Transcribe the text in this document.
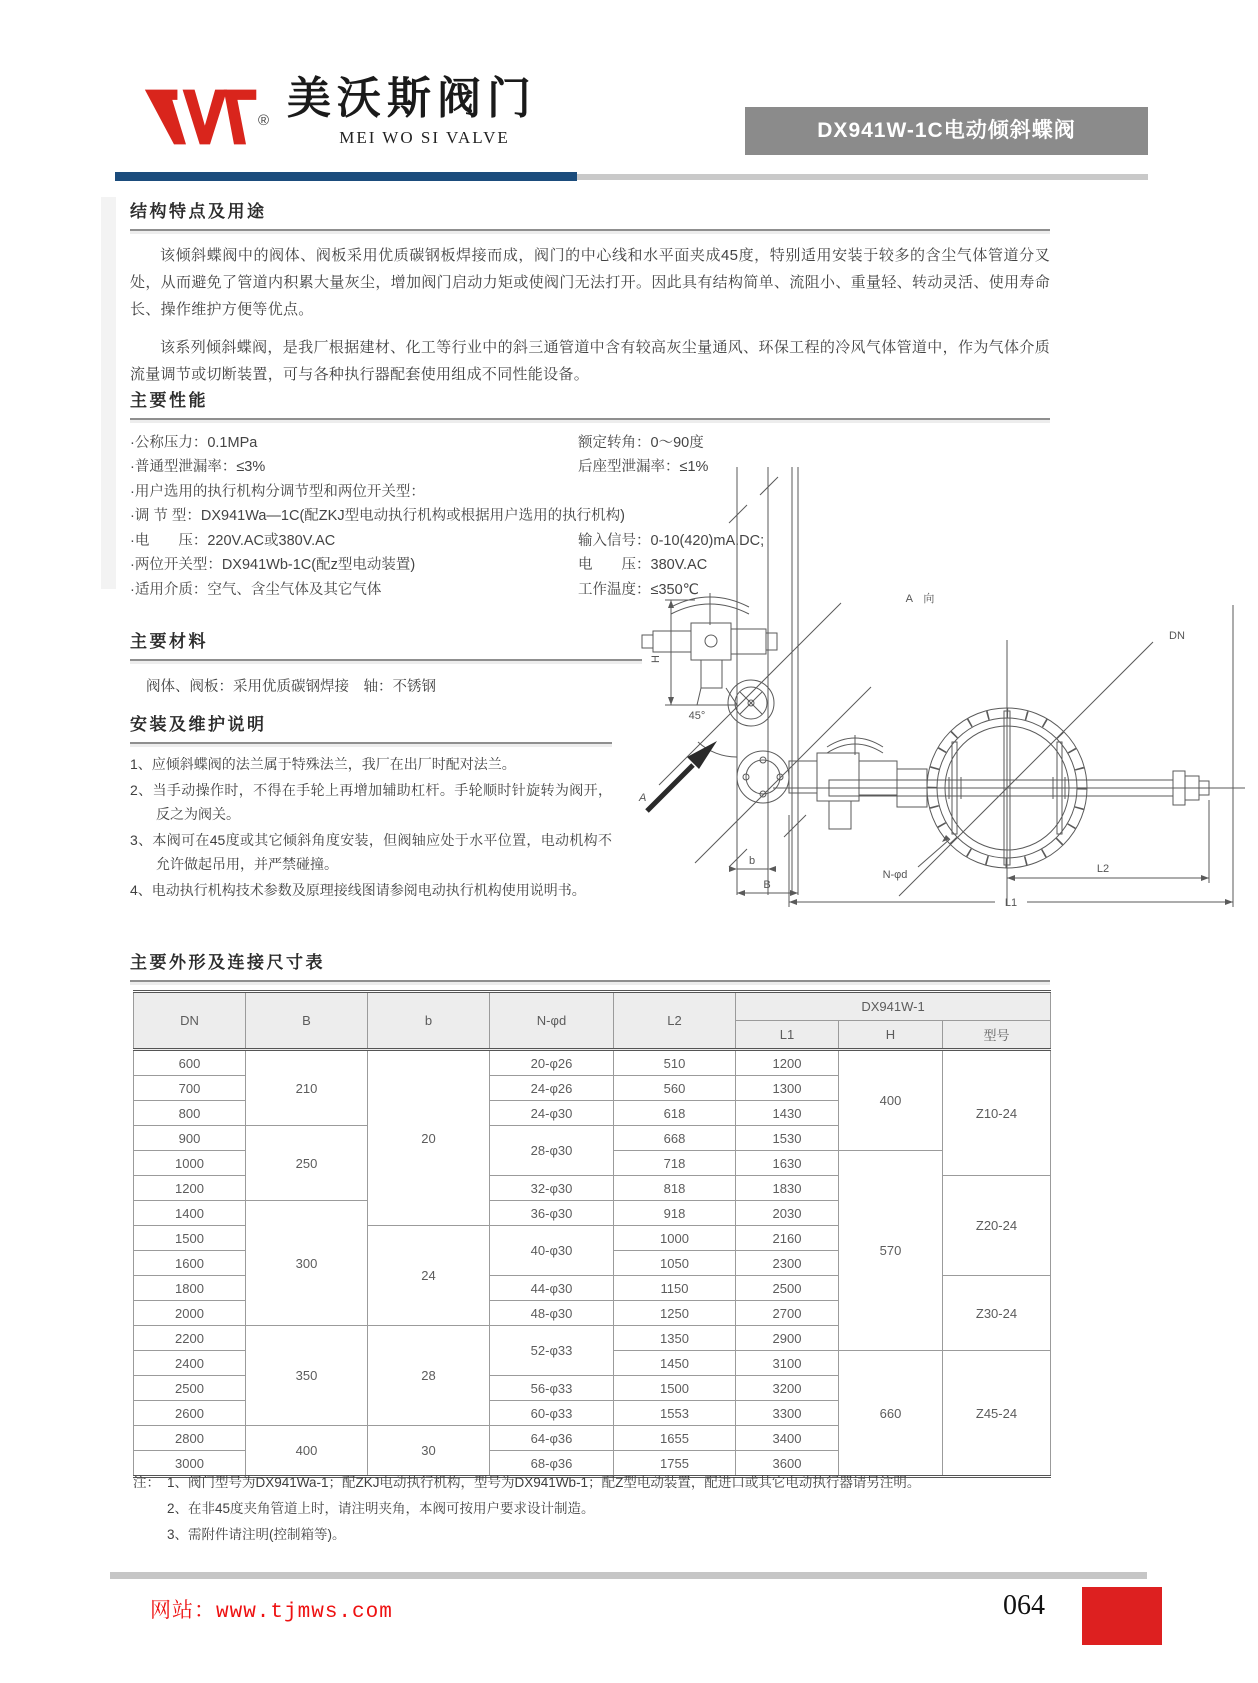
® 美沃斯阀门
MEI WO SI VALVE	DX941W-1C电动倾斜蝶阀
结构特点及用途

该倾斜蝶阀中的阀体、阀板采用优质碳钢板焊接而成，阀门的中心线和水平面夹成45度，特别适用安装于较多的含尘气体管道分叉处，从而避免了管道内积累大量灰尘，增加阀门启动力矩或使阀门无法打开。因此具有结构简单、流阻小、重量轻、转动灵活、使用寿命长、操作维护方便等优点。

该系列倾斜蝶阀，是我厂根据建材、化工等行业中的斜三通管道中含有较高灰尘量通风、环保工程的冷风气体管道中，作为气体介质流量调节或切断装置，可与各种执行器配套使用组成不同性能设备。

主要性能
·公称压力：0.1MPa	额定转角：0～90度
·普通型泄漏率：≤3%	后座型泄漏率：≤1%
·用户选用的执行机构分调节型和两位开关型：
·调 节 型：DX941Wa—1C(配ZKJ型电动执行机构或根据用户选用的执行机构)
·电　　压：220V.AC或380V.AC	输入信号：0-10(420)mA.DC;
·两位开关型：DX941Wb-1C(配z型电动装置)	电　　压：380V.AC
·适用介质：空气、含尘气体及其它气体	工作温度：≤350℃
主要材料

阀体、阀板：采用优质碳钢焊接　轴：不锈钢

安装及维护说明
1、应倾斜蝶阀的法兰属于特殊法兰，我厂在出厂时配对法兰。
2、当手动操作时，不得在手轮上再增加辅助杠杆。手轮顺时针旋转为阀开，反之为阀关。
3、本阀可在45度或其它倾斜角度安装，但阀轴应处于水平位置，电动机构不允许做起吊用，并严禁碰撞。
4、电动执行机构技术参数及原理接线图请参阅电动执行机构使用说明书。
H
45°
A
b
B
A 向
DN
N-φd	L2
L1
主要外形及连接尺寸表
DN	B	b	N-φd	L2	DX941W-1		
					L1	H	型号
600	210	20	20-φ26	510	1200	400	Z10-24
700			24-φ26	560	1300		
800			24-φ30	618	1430		
900	250		28-φ30	668	1530		
1000				718	1630	570	
1200			32-φ30	818	1830		Z20-24
1400	300		36-φ30	918	2030		
1500		24	40-φ30	1000	2160		
1600				1050	2300		
1800			44-φ30	1150	2500		Z30-24
2000			48-φ30	1250	2700		
2200	350	28	52-φ33	1350	2900		
2400				1450	3100	660	Z45-24
2500			56-φ33	1500	3200		
2600			60-φ33	1553	3300		
2800	400	30	64-φ36	1655	3400		
3000			68-φ36	1755	3600		
注： 1、阀门型号为DX941Wa-1；配ZKJ电动执行机构，型号为DX941Wb-1；配Z型电动装置，配进口或其它电动执行器请另注明。
2、在非45度夹角管道上时，请注明夹角，本阀可按用户要求设计制造。
3、需附件请注明(控制箱等)。
网站：www.tjmws.com	064
